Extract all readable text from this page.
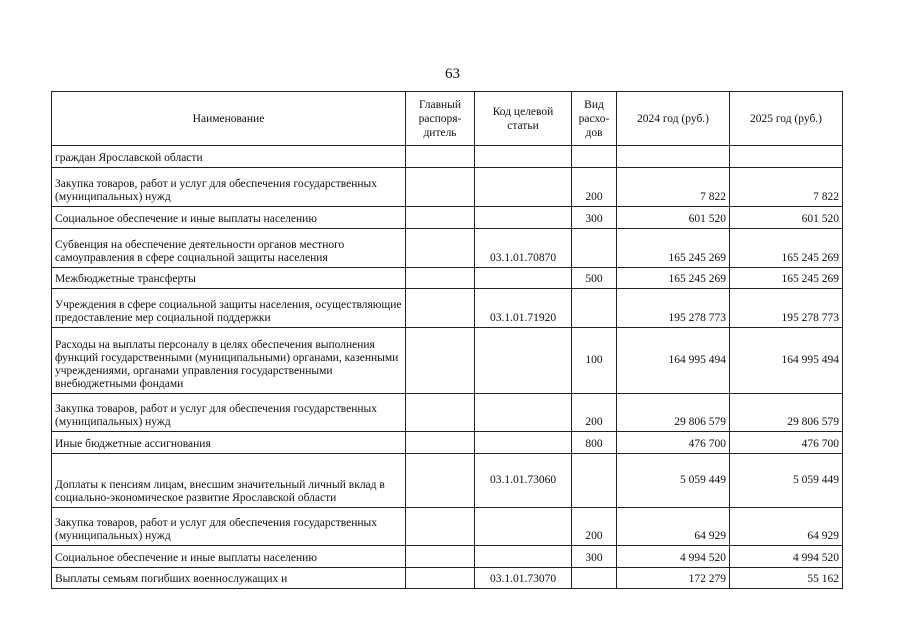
63
Наименование	Главный распоря-дитель	Код целевой статьи	Вид расхо-дов	2024 год (руб.)	2025 год (руб.)
граждан Ярославской области					
Закупка товаров, работ и услуг для обеспечения государственных (муниципальных) нужд			200	7 822	7 822
Социальное обеспечение и иные выплаты населению			300	601 520	601 520
Субвенция на обеспечение деятельности органов местного самоуправления в сфере социальной защиты населения		03.1.01.70870		165 245 269	165 245 269
Межбюджетные трансферты			500	165 245 269	165 245 269
Учреждения в сфере социальной защиты населения, осуществляющие предоставление мер социальной поддержки		03.1.01.71920		195 278 773	195 278 773
Расходы на выплаты персоналу в целях обеспечения выполнения функций государственными (муниципальными) органами, казенными учреждениями, органами управления государственными внебюджетными фондами			100	164 995 494	164 995 494
Закупка товаров, работ и услуг для обеспечения государственных (муниципальных) нужд			200	29 806 579	29 806 579
Иные бюджетные ассигнования			800	476 700	476 700
Доплаты к пенсиям лицам, внесшим значительный личный вклад в социально-экономическое развитие Ярославской области		03.1.01.73060		5 059 449	5 059 449
Закупка товаров, работ и услуг для обеспечения государственных (муниципальных) нужд			200	64 929	64 929
Социальное обеспечение и иные выплаты населению			300	4 994 520	4 994 520
Выплаты семьям погибших военнослужащих и		03.1.01.73070		172 279	55 162
